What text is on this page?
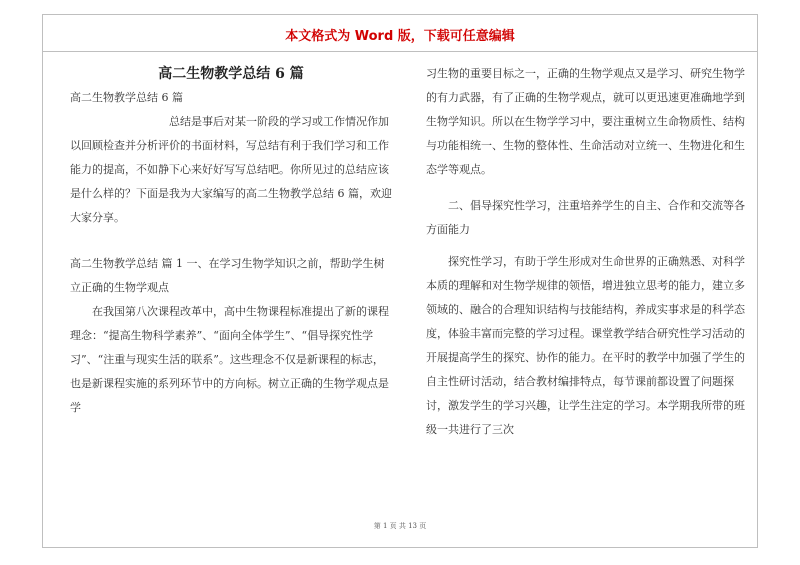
本文格式为 Word 版，下载可任意编辑

高二生物教学总结 6 篇

高二生物教学总结 6 篇

总结是事后对某一阶段的学习或工作情况作加以回顾检查并分析评价的书面材料，写总结有利于我们学习和工作能力的提高，不如静下心来好好写写总结吧。你所见过的总结应该是什么样的？下面是我为大家编写的高二生物教学总结 6 篇，欢迎大家分享。

高二生物教学总结 篇 1 一、在学习生物学知识之前，帮助学生树立正确的生物学观点

在我国第八次课程改革中，高中生物课程标准提出了新的课程理念：“提高生物科学素养”、“面向全体学生”、“倡导探究性学习”、“注重与现实生活的联系”。这些理念不仅是新课程的标志，也是新课程实施的系列环节中的方向标。树立正确的生物学观点是学

习生物的重要目标之一，正确的生物学观点又是学习、研究生物学的有力武器，有了正确的生物学观点，就可以更迅速更准确地学到生物学知识。所以在生物学学习中，要注重树立生命物质性、结构与功能相统一、生物的整体性、生命活动对立统一、生物进化和生态学等观点。

二、倡导探究性学习，注重培养学生的自主、合作和交流等各方面能力

探究性学习，有助于学生形成对生命世界的正确熟悉、对科学本质的理解和对生物学规律的领悟，增进独立思考的能力，建立多领域的、融合的合理知识结构与技能结构，养成实事求是的科学态度，体验丰富而完整的学习过程。课堂教学结合研究性学习活动的开展提高学生的探究、协作的能力。在平时的教学中加强了学生的自主性研讨活动，结合教材编排特点，每节课前都设置了问题探讨，激发学生的学习兴趣，让学生注定的学习。本学期我所带的班级一共进行了三次

第 1 页 共 13 页
